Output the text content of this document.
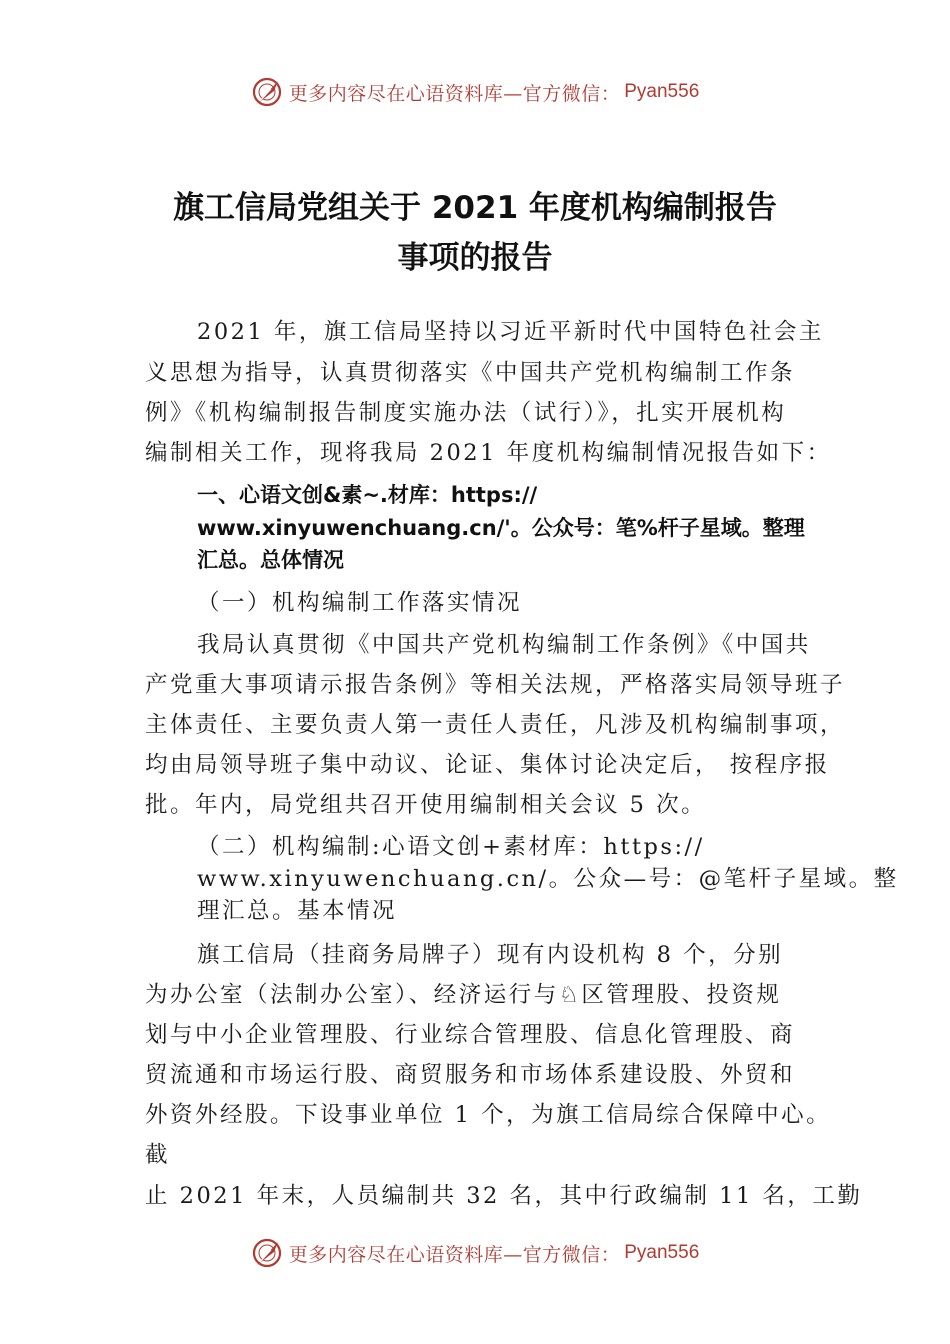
更多内容尽在心语资料库—官方微信： Pyan556
旗工信局党组关于 2021 年度机构编制报告
事项的报告
2021 年，旗工信局坚持以习近平新时代中国特色社会主
义思想为指导，认真贯彻落实《中国共产党机构编制工作条
例》《机构编制报告制度实施办法（试行）》，扎实开展机构
编制相关工作，现将我局 2021 年度机构编制情况报告如下：
一、心语文创&素~.材库：https://
www.xinyuwenchuang.cn/'。公众号：笔%杆子星域。整理
汇总。总体情况
（一）机构编制工作落实情况
我局认真贯彻《中国共产党机构编制工作条例》《中国共
产党重大事项请示报告条例》等相关法规，严格落实局领导班子
主体责任、主要负责人第一责任人责任，凡涉及机构编制事项，
均由局领导班子集中动议、论证、集体讨论决定后， 按程序报
批。年内，局党组共召开使用编制相关会议 5 次。
（二）机构编制:心语文创+素材库：https://
www.xinyuwenchuang.cn/。公众—号：@笔杆子星域。整
理汇总。基本情况
旗工信局（挂商务局牌子）现有内设机构 8 个，分别
为办公室（法制办公室）、经济运行与♘区管理股、投资规
划与中小企业管理股、行业综合管理股、信息化管理股、商
贸流通和市场运行股、商贸服务和市场体系建设股、外贸和
外资外经股。下设事业单位 1 个，为旗工信局综合保障中心。
截
止 2021 年末，人员编制共 32 名，其中行政编制 11 名，工勤
更多内容尽在心语资料库—官方微信： Pyan556
